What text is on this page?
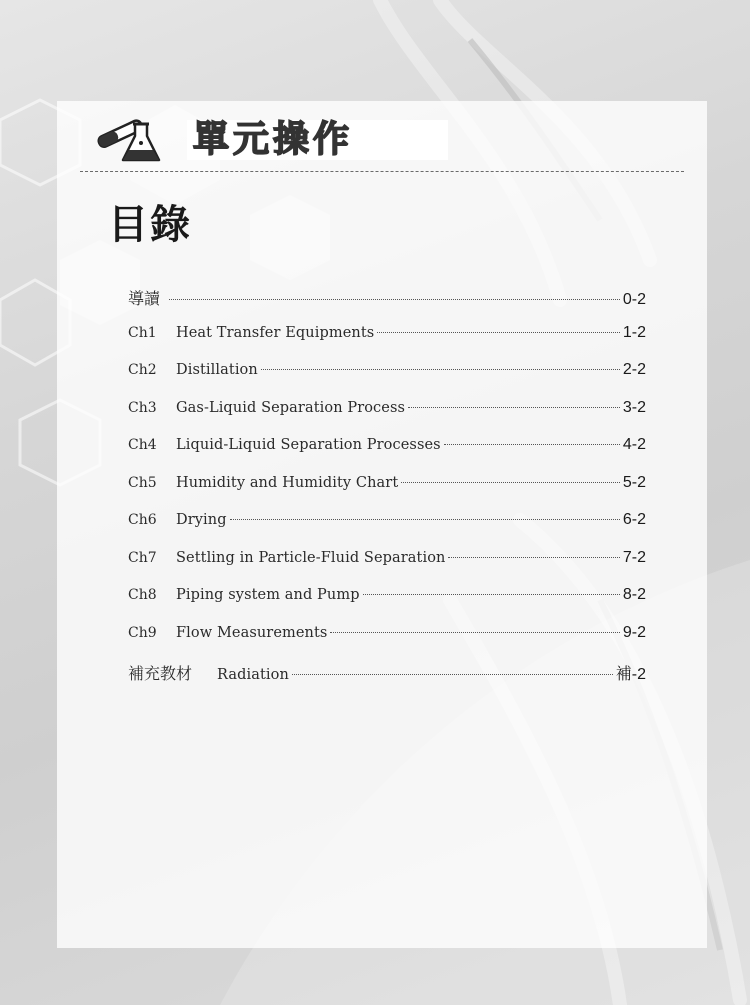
單元操作
目錄
導讀	0-2
Ch1	Heat Transfer Equipments	1-2
Ch2	Distillation	2-2
Ch3	Gas-Liquid Separation Process	3-2
Ch4	Liquid-Liquid Separation Processes	4-2
Ch5	Humidity and Humidity Chart	5-2
Ch6	Drying	6-2
Ch7	Settling in Particle-Fluid Separation	7-2
Ch8	Piping system and Pump	8-2
Ch9	Flow Measurements	9-2
補充教材	Radiation	補-2
